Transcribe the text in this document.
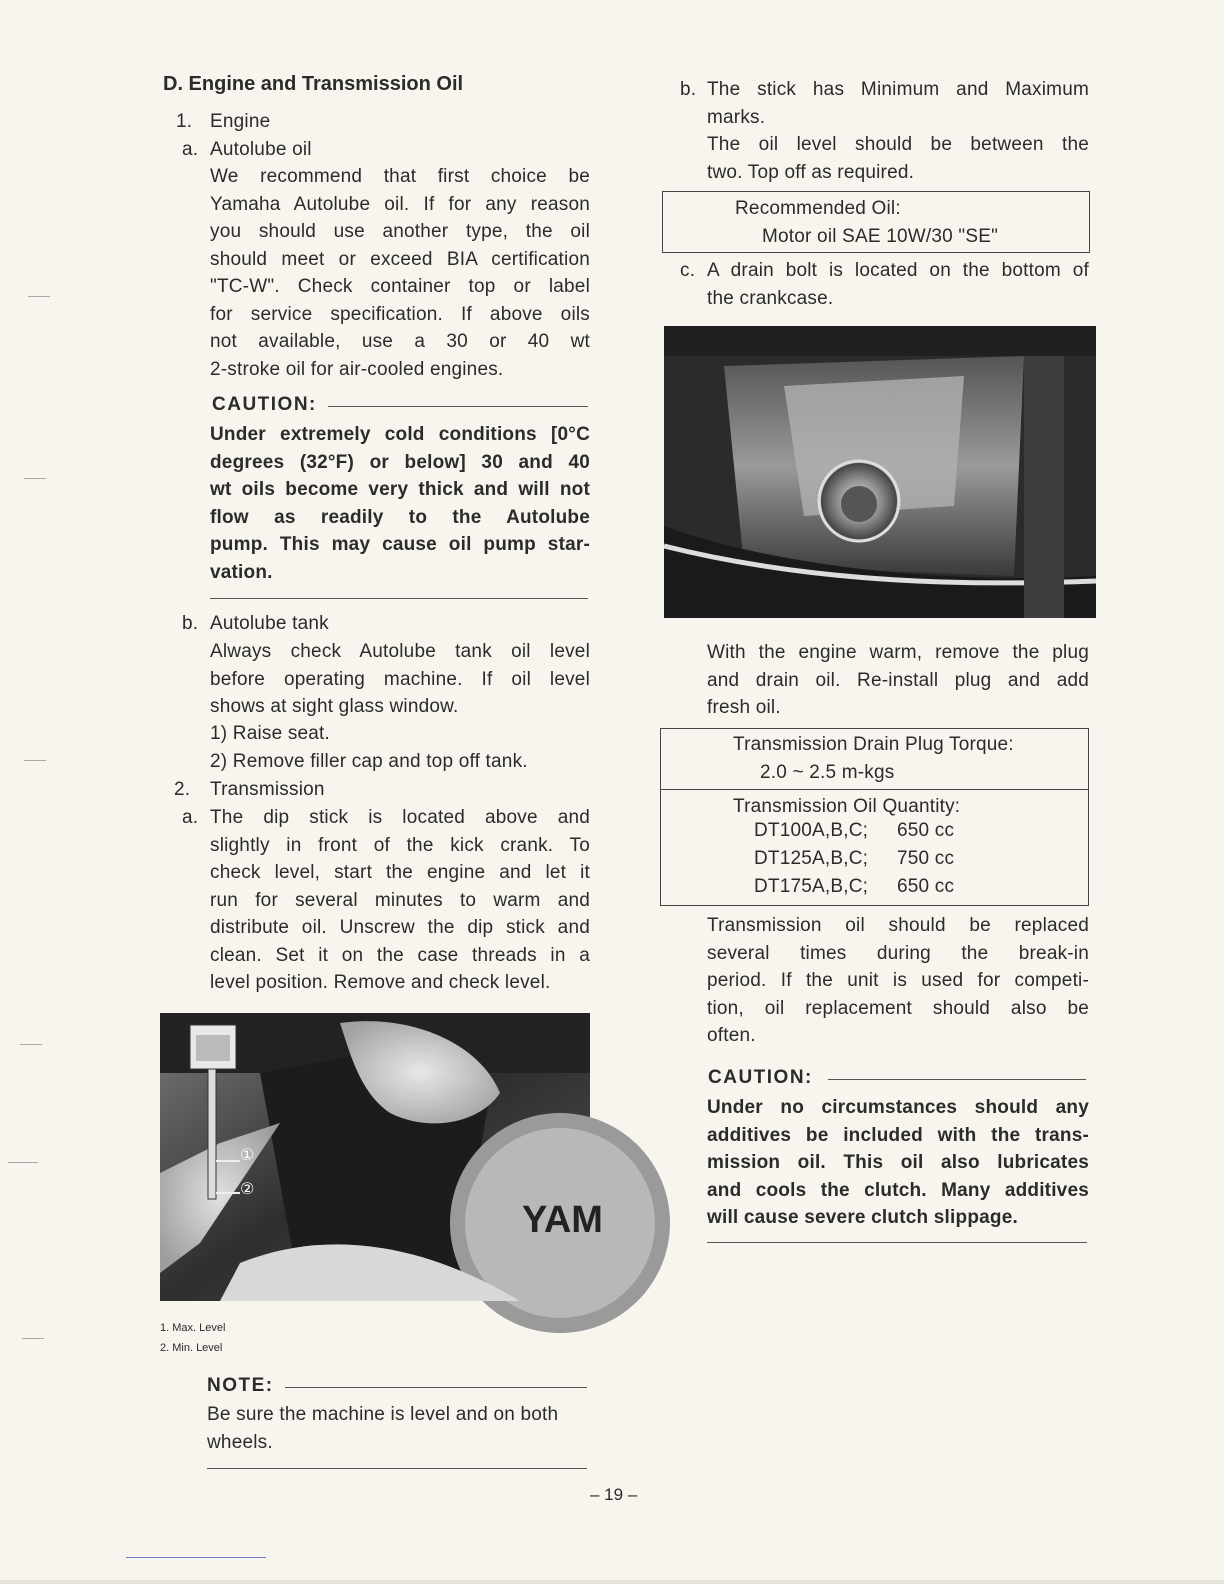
D. Engine and Transmission Oil
1. Engine
a. Autolube oil
We recommend that first choice be
Yamaha Autolube oil. If for any reason
you should use another type, the oil
should meet or exceed BIA certification
"TC-W". Check container top or label
for service specification. If above oils
not available, use a 30 or 40 wt
2-stroke oil for air-cooled engines.
CAUTION:
Under extremely cold conditions [0°C
degrees (32°F) or below] 30 and 40
wt oils become very thick and will not
flow as readily to the Autolube
pump. This may cause oil pump star-
vation.
b. Autolube tank
Always check Autolube tank oil level
before operating machine. If oil level
shows at sight glass window.
1) Raise seat.
2) Remove filler cap and top off tank.
2. Transmission
a. The dip stick is located above and
slightly in front of the kick crank. To
check level, start the engine and let it
run for several minutes to warm and
distribute oil. Unscrew the dip stick and
clean. Set it on the case threads in a
level position. Remove and check level.
①
②
YAM
1. Max. Level
2. Min. Level
NOTE:
Be sure the machine is level and on both
wheels.
b. The stick has Minimum and Maximum
marks.
The oil level should be between the
two. Top off as required.
Recommended Oil:
Motor oil SAE 10W/30 "SE"
c. A drain bolt is located on the bottom of
the crankcase.
With the engine warm, remove the plug
and drain oil. Re-install plug and add
fresh oil.
Transmission Drain Plug Torque:
2.0 ~ 2.5 m-kgs
Transmission Oil Quantity:
DT100A,B,C; 650 cc
DT125A,B,C; 750 cc
DT175A,B,C; 650 cc
Transmission oil should be replaced
several times during the break-in
period. If the unit is used for competi-
tion, oil replacement should also be
often.
CAUTION:
Under no circumstances should any
additives be included with the trans-
mission oil. This oil also lubricates
and cools the clutch. Many additives
will cause severe clutch slippage.
– 19 –
